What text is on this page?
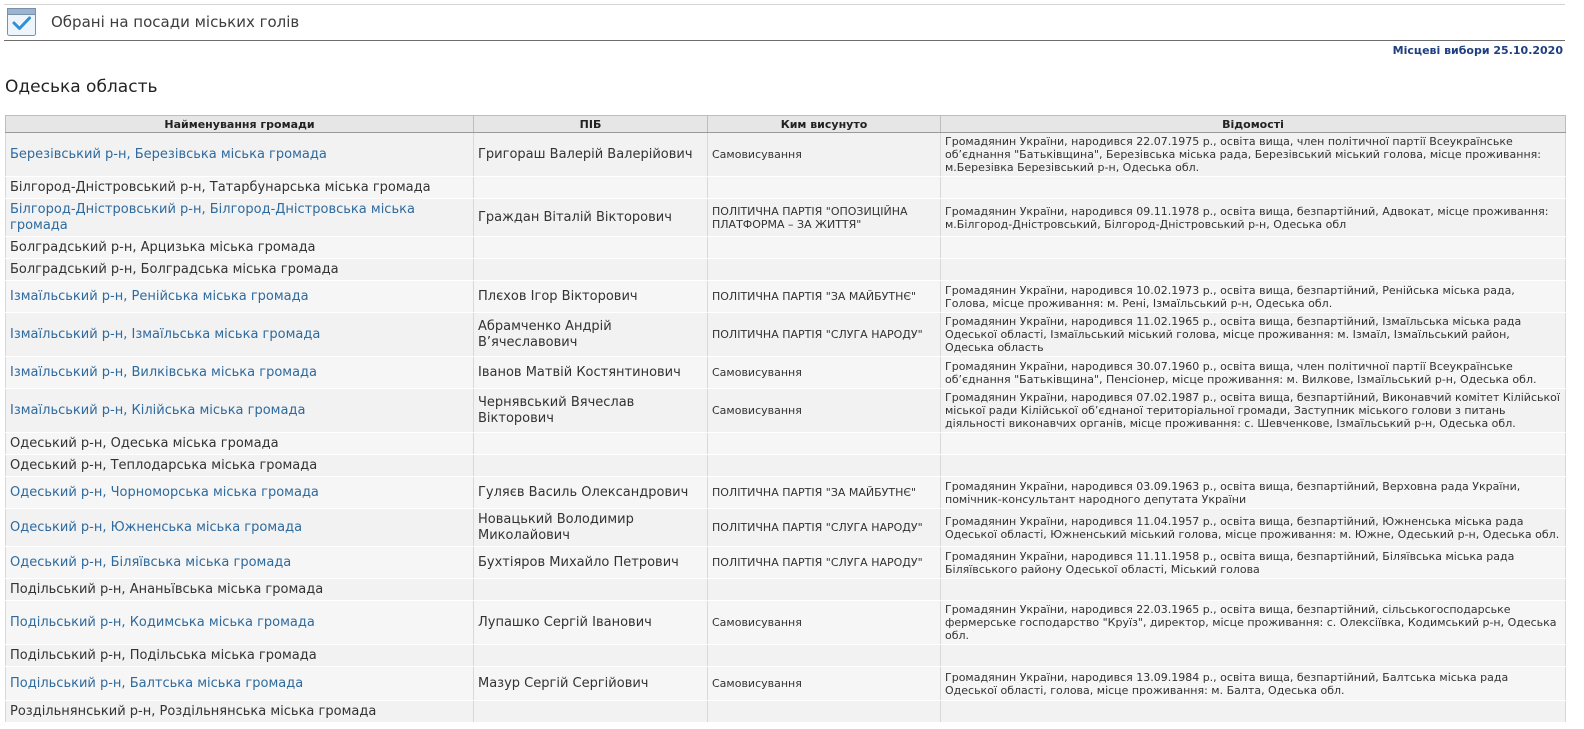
Обрані на посади міських голів
Місцеві вибори 25.10.2020
Одеська область
Найменування громади	ПІБ	Ким висунуто	Відомості
Березівський р-н, Березівська міська громада	Григораш Валерій Валерійович	Самовисування	Громадянин України, народився 22.07.1975 р., освіта вища, член політичної партії Всеукраїнське об’єднання "Батьківщина", Березівська міська рада, Березівський міський голова, місце проживання: м.Березівка Березівський р-н, Одеська обл.
Білгород-Дністровський р-н, Татарбунарська міська громада			
Білгород-Дністровський р-н, Білгород-Дністровська міська громада	Граждан Віталій Вікторович	ПОЛІТИЧНА ПАРТІЯ "ОПОЗИЦІЙНА ПЛАТФОРМА – ЗА ЖИТТЯ"	Громадянин України, народився 09.11.1978 р., освіта вища, безпартійний, Адвокат, місце проживання: м.Білгород-Дністровський, Білгород-Дністровський р-н, Одеська обл
Болградський р-н, Арцизька міська громада			
Болградський р-н, Болградська міська громада			
Ізмаїльський р-н, Ренійська міська громада	Плєхов Ігор Вікторович	ПОЛІТИЧНА ПАРТІЯ "ЗА МАЙБУТНЄ"	Громадянин України, народився 10.02.1973 р., освіта вища, безпартійний, Ренійська міська рада, Голова, місце проживання: м. Рені, Ізмаїльський р-н, Одеська обл.
Ізмаїльський р-н, Ізмаїльська міська громада	Абрамченко Андрій В’ячеславович	ПОЛІТИЧНА ПАРТІЯ "СЛУГА НАРОДУ"	Громадянин України, народився 11.02.1965 р., освіта вища, безпартійний, Ізмаїльська міська рада Одеської області, Ізмаїльський міський голова, місце проживання: м. Ізмаїл, Ізмаїльський район, Одеська область
Ізмаїльський р-н, Вилківська міська громада	Іванов Матвій Костянтинович	Самовисування	Громадянин України, народився 30.07.1960 р., освіта вища, член політичної партії Всеукраїнське об’єднання "Батьківщина", Пенсіонер, місце проживання: м. Вилкове, Ізмаїльський р-н, Одеська обл.
Ізмаїльський р-н, Кілійська міська громада	Чернявський Вячеслав Вікторович	Самовисування	Громадянин України, народився 07.02.1987 р., освіта вища, безпартійний, Виконавчий комітет Кілійської міської ради Кілійської об’єднаної територіальної громади, Заступник міського голови з питань діяльності виконавчих органів, місце проживання: с. Шевченкове, Ізмаїльський р-н, Одеська обл.
Одеський р-н, Одеська міська громада			
Одеський р-н, Теплодарська міська громада			
Одеський р-н, Чорноморська міська громада	Гуляєв Василь Олександрович	ПОЛІТИЧНА ПАРТІЯ "ЗА МАЙБУТНЄ"	Громадянин України, народився 03.09.1963 р., освіта вища, безпартійний, Верховна рада України, помічник-консультант народного депутата України
Одеський р-н, Южненська міська громада	Новацький Володимир Миколайович	ПОЛІТИЧНА ПАРТІЯ "СЛУГА НАРОДУ"	Громадянин України, народився 11.04.1957 р., освіта вища, безпартійний, Южненська міська рада Одеської області, Южненський міський голова, місце проживання: м. Южне, Одеський р-н, Одеська обл.
Одеський р-н, Біляївська міська громада	Бухтіяров Михайло Петрович	ПОЛІТИЧНА ПАРТІЯ "СЛУГА НАРОДУ"	Громадянин України, народився 11.11.1958 р., освіта вища, безпартійний, Біляївська міська рада Біляївського району Одеської області, Міський голова
Подільський р-н, Ананьївська міська громада			
Подільський р-н, Кодимська міська громада	Лупашко Сергій Іванович	Самовисування	Громадянин України, народився 22.03.1965 р., освіта вища, безпартійний, сільськогосподарське фермерське господарство "Круїз", директор, місце проживання: с. Олексіївка, Кодимський р-н, Одеська обл.
Подільський р-н, Подільська міська громада			
Подільський р-н, Балтська міська громада	Мазур Сергій Сергійович	Самовисування	Громадянин України, народився 13.09.1984 р., освіта вища, безпартійний, Балтська міська рада Одеської області, голова, місце проживання: м. Балта, Одеська обл.
Роздільнянський р-н, Роздільнянська міська громада			
